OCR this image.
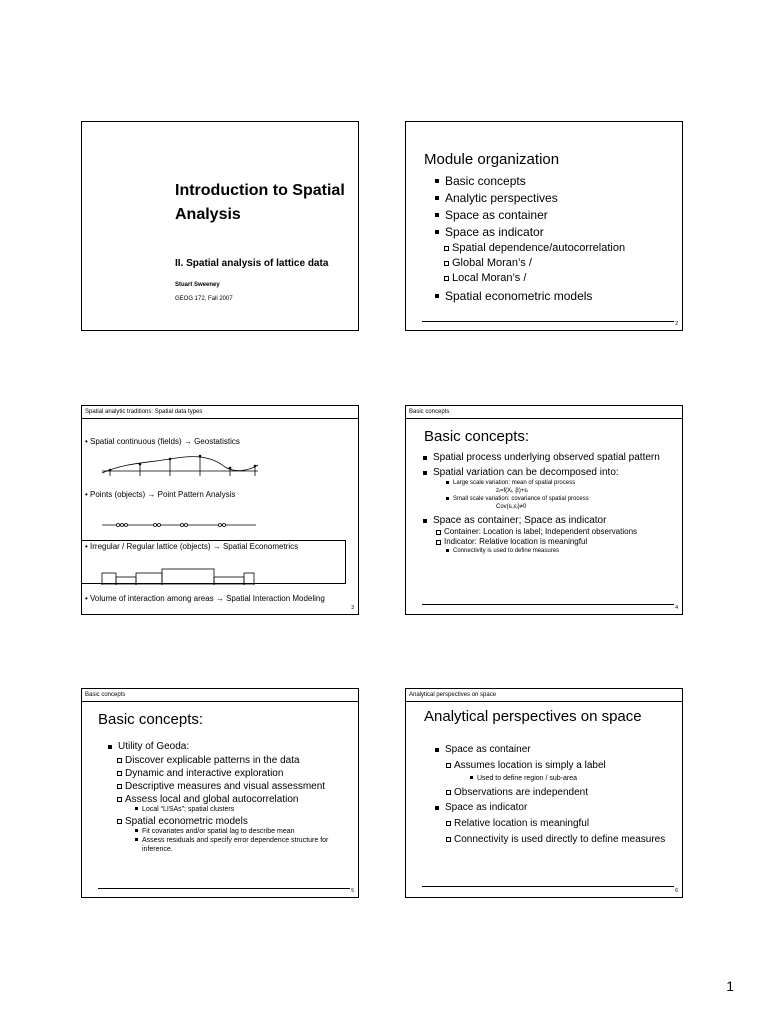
Introduction to Spatial Analysis
II. Spatial analysis of lattice data
Stuart Sweeney
GEOG 172, Fall 2007
Module organization
Basic concepts
Analytic perspectives
Space as container
Space as indicator
Spatial dependence/autocorrelation
Global Moran’s /
Local Moran’s /
Spatial econometric models
2
Spatial analytic traditions: Spatial data types
• Spatial continuous (fields) → Geostatistics
• Points (objects) → Point Pattern Analysis
• Irregular / Regular lattice (objects) → Spatial Econometrics
• Volume of interaction among areas → Spatial Interaction Modeling
3
Basic concepts
Basic concepts:
Spatial process underlying observed spatial pattern
Spatial variation can be decomposed into:
Large scale variation: mean of spatial process
zᵢ=f(Xᵢ, β)+εᵢ
Small scale variation: covariance of spatial process
Cov(εᵢ,εⱼ)≠0
Space as container; Space as indicator
Container: Location is label; Independent observations
Indicator: Relative location is meaningful
Connectivity is used to define measures
4
Basic concepts
Basic concepts:
Utility of Geoda:
Discover explicable patterns in the data
Dynamic and interactive exploration
Descriptive measures and visual assessment
Assess local and global autocorrelation
Local “LISAs”: spatial clusters
Spatial econometric models
Fit covariates and/or spatial lag to describe mean
Assess residuals and specify error dependence structure for inference.
5
Analytical perspectives on space
Analytical perspectives on space
Space as container
Assumes location is simply a label
Used to define region / sub-area
Observations are independent
Space as indicator
Relative location is meaningful
Connectivity is used directly to define measures
6
1
